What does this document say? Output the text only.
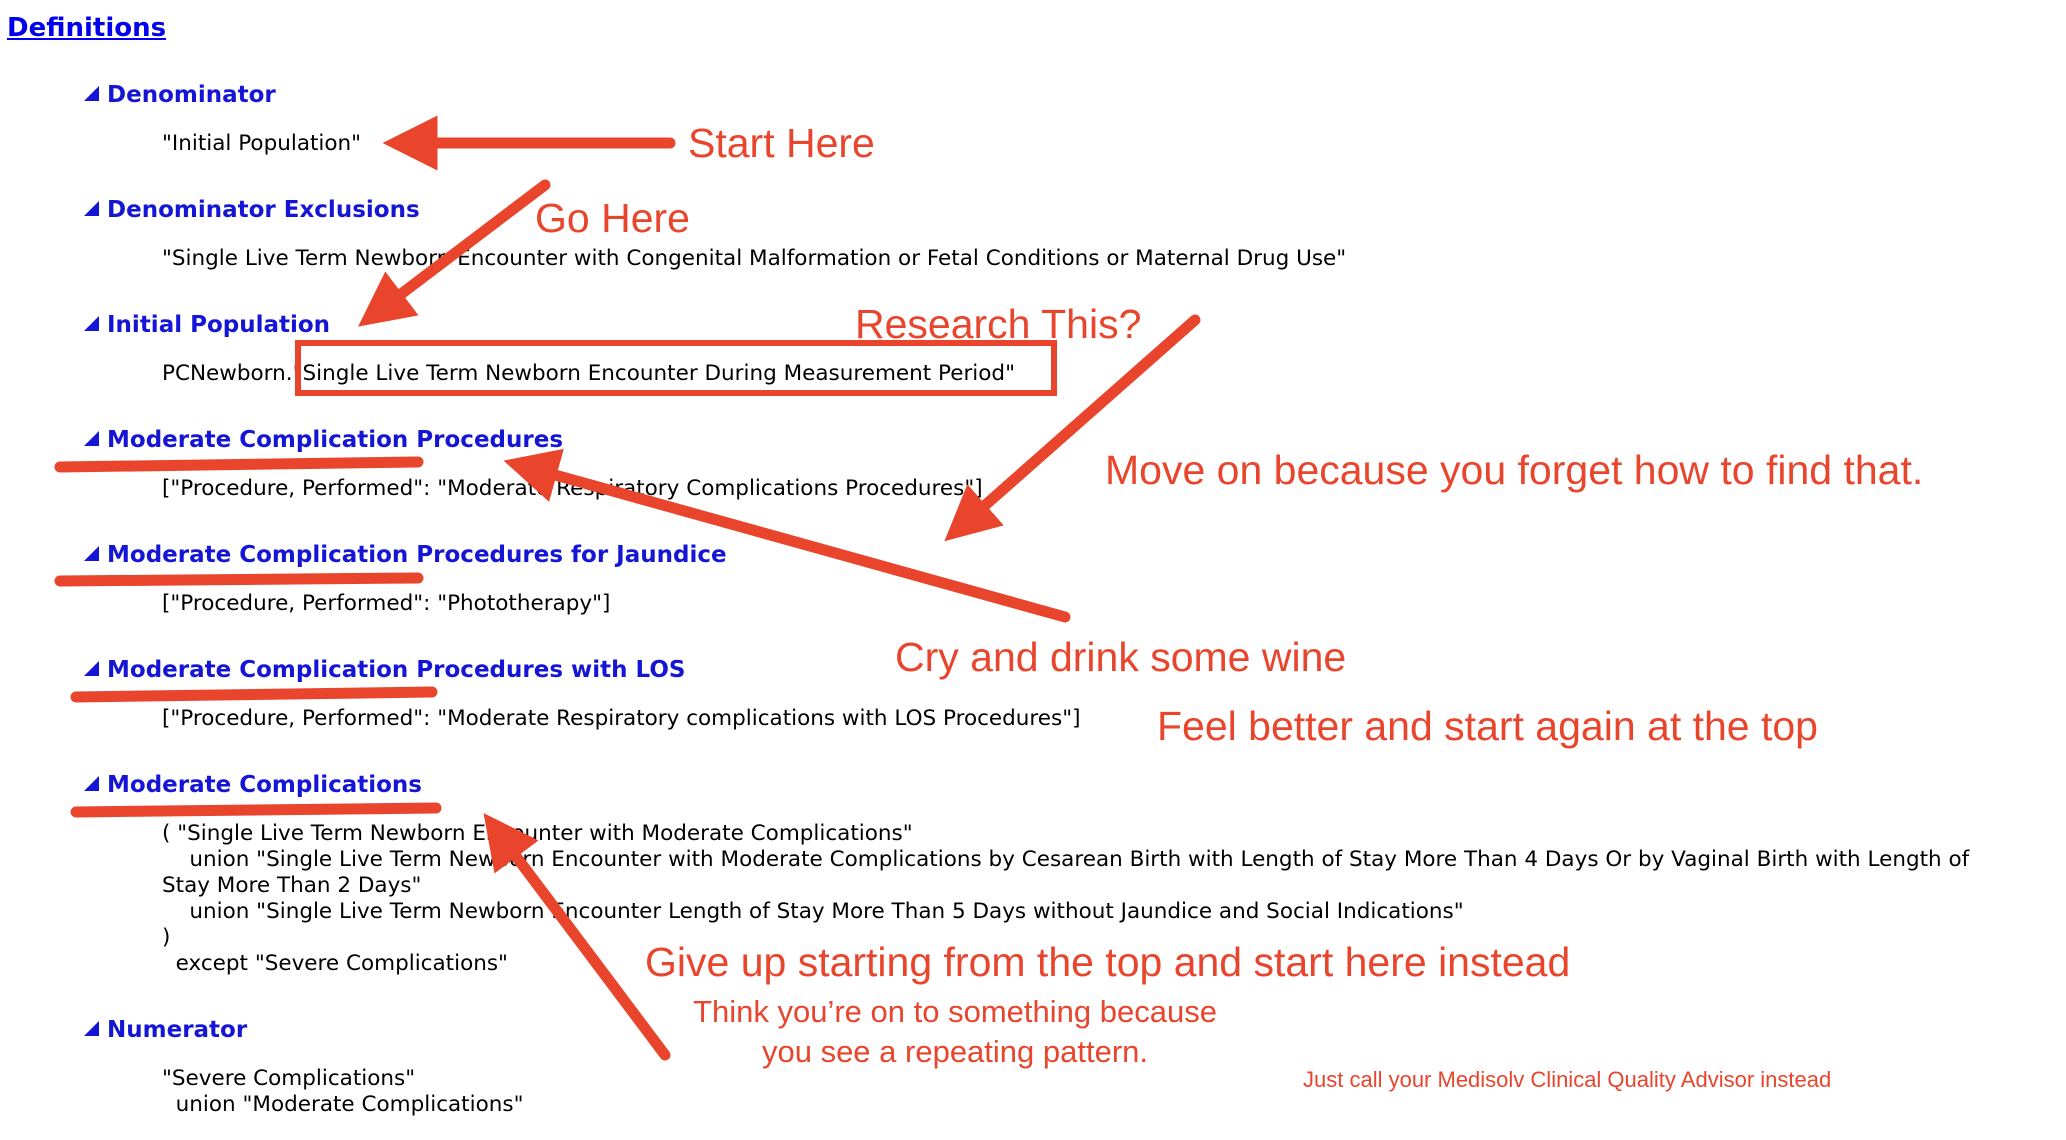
Definitions
Denominator
"Initial Population"
Denominator Exclusions
"Single Live Term Newborn Encounter with Congenital Malformation or Fetal Conditions or Maternal Drug Use"
Initial Population
PCNewborn."Single Live Term Newborn Encounter During Measurement Period"
Moderate Complication Procedures
["Procedure, Performed": "Moderate Respiratory Complications Procedures"]
Moderate Complication Procedures for Jaundice
["Procedure, Performed": "Phototherapy"]
Moderate Complication Procedures with LOS
["Procedure, Performed": "Moderate Respiratory complications with LOS Procedures"]
Moderate Complications
( "Single Live Term Newborn Encounter with Moderate Complications"
union "Single Live Term Newborn Encounter with Moderate Complications by Cesarean Birth with Length of Stay More Than 4 Days Or by Vaginal Birth with Length of
Stay More Than 2 Days"
union "Single Live Term Newborn Encounter Length of Stay More Than 5 Days without Jaundice and Social Indications"
)
except "Severe Complications"
Numerator
"Severe Complications"
union "Moderate Complications"
Start Here
Go Here
Research This?
Move on because you forget how to find that.
Cry and drink some wine
Feel better and start again at the top
Give up starting from the top and start here instead
Think you’re on to something because
you see a repeating pattern.
Just call your Medisolv Clinical Quality Advisor instead
